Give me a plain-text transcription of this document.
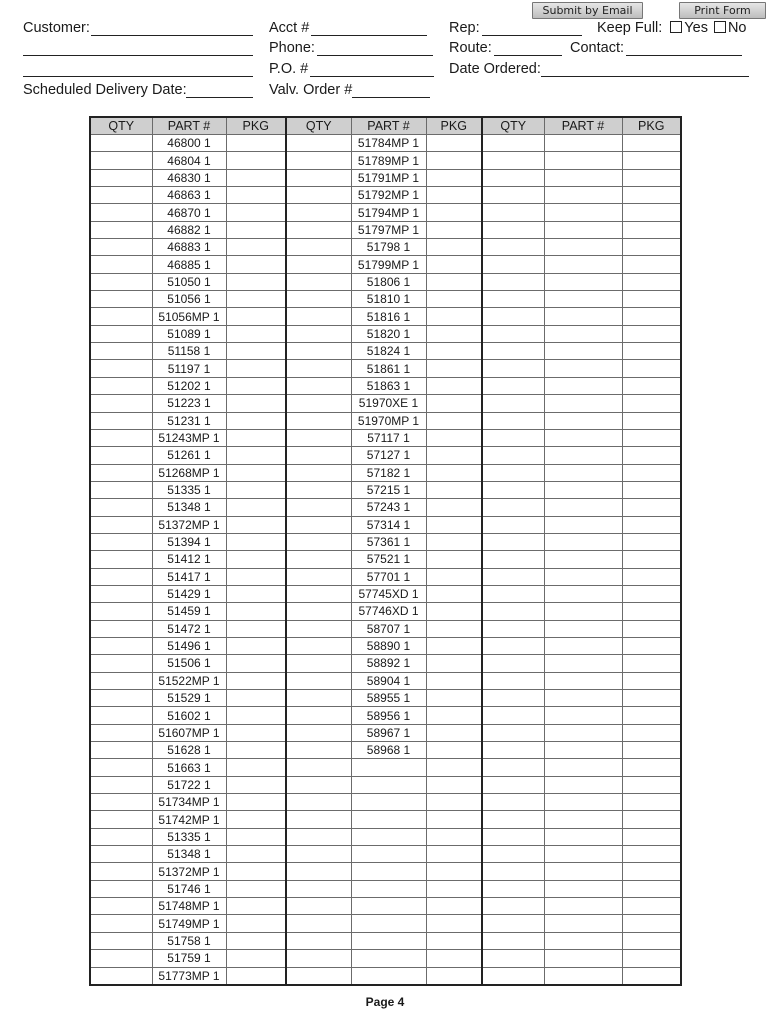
Submit by Email	Print Form
Customer:	Acct #	Rep:	Keep Full: Yes No
Phone:	Route:	Contact:
P.O. #	Date Ordered:
Scheduled Delivery Date:	Valv. Order #
QTY	PART #	PKG	QTY	PART #	PKG	QTY	PART #	PKG
	46800 1			51784MP 1				
	46804 1			51789MP 1				
	46830 1			51791MP 1				
	46863 1			51792MP 1				
	46870 1			51794MP 1				
	46882 1			51797MP 1				
	46883 1			51798 1				
	46885 1			51799MP 1				
	51050 1			51806 1				
	51056 1			51810 1				
	51056MP 1			51816 1				
	51089 1			51820 1				
	51158 1			51824 1				
	51197 1			51861 1				
	51202 1			51863 1				
	51223 1			51970XE 1				
	51231 1			51970MP 1				
	51243MP 1			57117 1				
	51261 1			57127 1				
	51268MP 1			57182 1				
	51335 1			57215 1				
	51348 1			57243 1				
	51372MP 1			57314 1				
	51394 1			57361 1				
	51412 1			57521 1				
	51417 1			57701 1				
	51429 1			57745XD 1				
	51459 1			57746XD 1				
	51472 1			58707 1				
	51496 1			58890 1				
	51506 1			58892 1				
	51522MP 1			58904 1				
	51529 1			58955 1				
	51602 1			58956 1				
	51607MP 1			58967 1				
	51628 1			58968 1				
	51663 1							
	51722 1							
	51734MP 1							
	51742MP 1							
	51335 1							
	51348 1							
	51372MP 1							
	51746 1							
	51748MP 1							
	51749MP 1							
	51758 1							
	51759 1							
	51773MP 1							
Page 4
